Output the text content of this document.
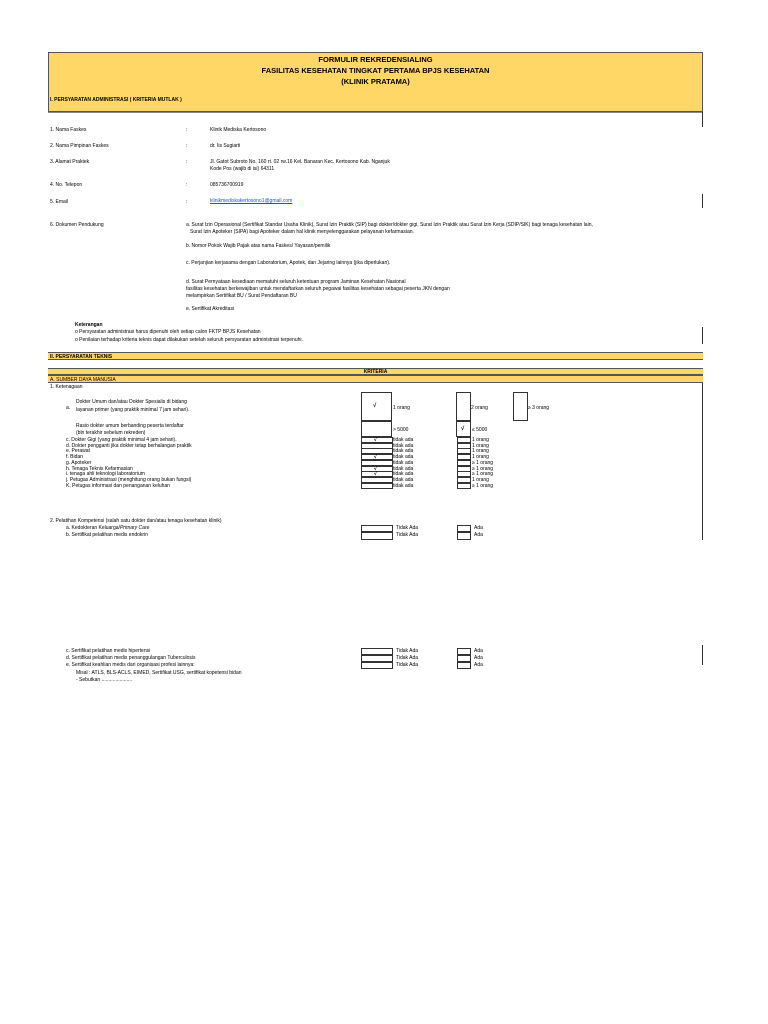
FORMULIR REKREDENSIALING
FASILITAS KESEHATAN TINGKAT PERTAMA BPJS KESEHATAN
(KLINIK PRATAMA)
I. PERSYARATAN ADMINISTRASI ( KRITERIA MUTLAK )
1. Nama Faskes	:	Klinik Mediska Kertosono
2. Nama Pimpinan Faskes	:	dr. Iis Sugiarti
3. Alamat Praktek	:	Jl. Gatot Subroto No. 160 rt. 02 rw.16 Kel. Banaran Kec. Kertosono Kab. Nganjuk
Kode Pos (wajib di isi) 64311
4. No. Telepon	:	085736700919
5. Email	:	klinikmediskakertosono1@gmail.com
6. Dokumen Pendukung	a. Surat Izin Operasional (Sertifikat Standar Usaha Klinik), Surat Izin Praktik (SIP) bagi dokter/dokter gigi, Surat Izin Praktik atau Surat Izin Kerja (SDIP/SIK) bagi tenaga kesehatan lain,
Surat Izin Apoteker (SIPA) bagi Apoteker dalam hal klinik menyelenggarakan pelayanan kefarmasian.
b. Nomor Pokok Wajib Pajak atas nama Faskes/ Yayasan/pemilik
c. Perjanjian kerjasama dengan Laboratorium, Apotek, dan Jejaring lainnya (jika diperlukan).
d. Surat Pernyataan kesediaan mematuhi seluruh ketentuan program Jaminan Kesehatan Nasional
fasilitas kesehatan berkewajiban untuk mendaftarkan seluruh pegawai fasilitas kesehatan sebagai peserta JKN dengan
melampirkan Sertifikat BU / Surat Pendaftaran BU
e. Sertifikat Akreditasi
Keterangan
o Persyaratan administrasi harus dipenuhi oleh setiap calon FKTP BPJS Kesehatan
o Penilaian terhadap kriteria teknis dapat dilakukan setelah seluruh persyaratan administrasi terpenuhi.
II. PERSYARATAN TEKNIS
KRITERIA
A. SUMBER DAYA MANUSIA
1. Ketenagaan
a.
Dokter Umum dan/atau Dokter Spesialis di bidang
layanan primer (yang praktik minimal 7 jam sehari).
√	1 orang	2 orang	≥ 3 orang
Rasio dokter umum berbanding peserta terdaftar
(bln terakhir sebelum rekreden)	> 5000	√ ≤ 5000
c. Dokter Gigi (yang praktik minimal 4 jam sehari).	√	tidak ada	1 orang
d. Dokter pengganti jika dokter tetap berhalangan praktik	tidak ada	1 orang
e. Perawat	tidak ada	1 orang
f. Bidan	√	tidak ada	1 orang
g. Apoteker	tidak ada	≥ 1 orang
h. Tenaga Teknis Kefarmasian	√	tidak ada	≥ 1 orang
i. tenaga ahli teknologi laboratorium	√	tidak ada	≥ 1 orang
j. Petugas Administrasi (menghitung orang bukan fungsi)	tidak ada	1 orang
K. Petugas informasi dan penanganan keluhan	tidak ada	≥ 1 orang
2. Pelatihan Kompetensi (salah satu dokter dan/atau tenaga kesehatan klinik)
a. Kedokteran Keluarga/Primary Care	Tidak Ada	Ada
b. Sertifikat pelatihan medis endokrin	Tidak Ada	Ada
c. Sertifikat pelatihan medis hipertensi	Tidak Ada	Ada
d. Sertifikat pelatihan medis penanggulangan Tuberculosis	Tidak Ada	Ada
e. Sertifikat keahlian medis dari organisasi profesi lainnya:	Tidak Ada	Ada
Misal : ATLS, BLS-ACLS, EIMED, Sertifikat USG, sertifikat kopetensi bidan
- Sebutkan ......................
